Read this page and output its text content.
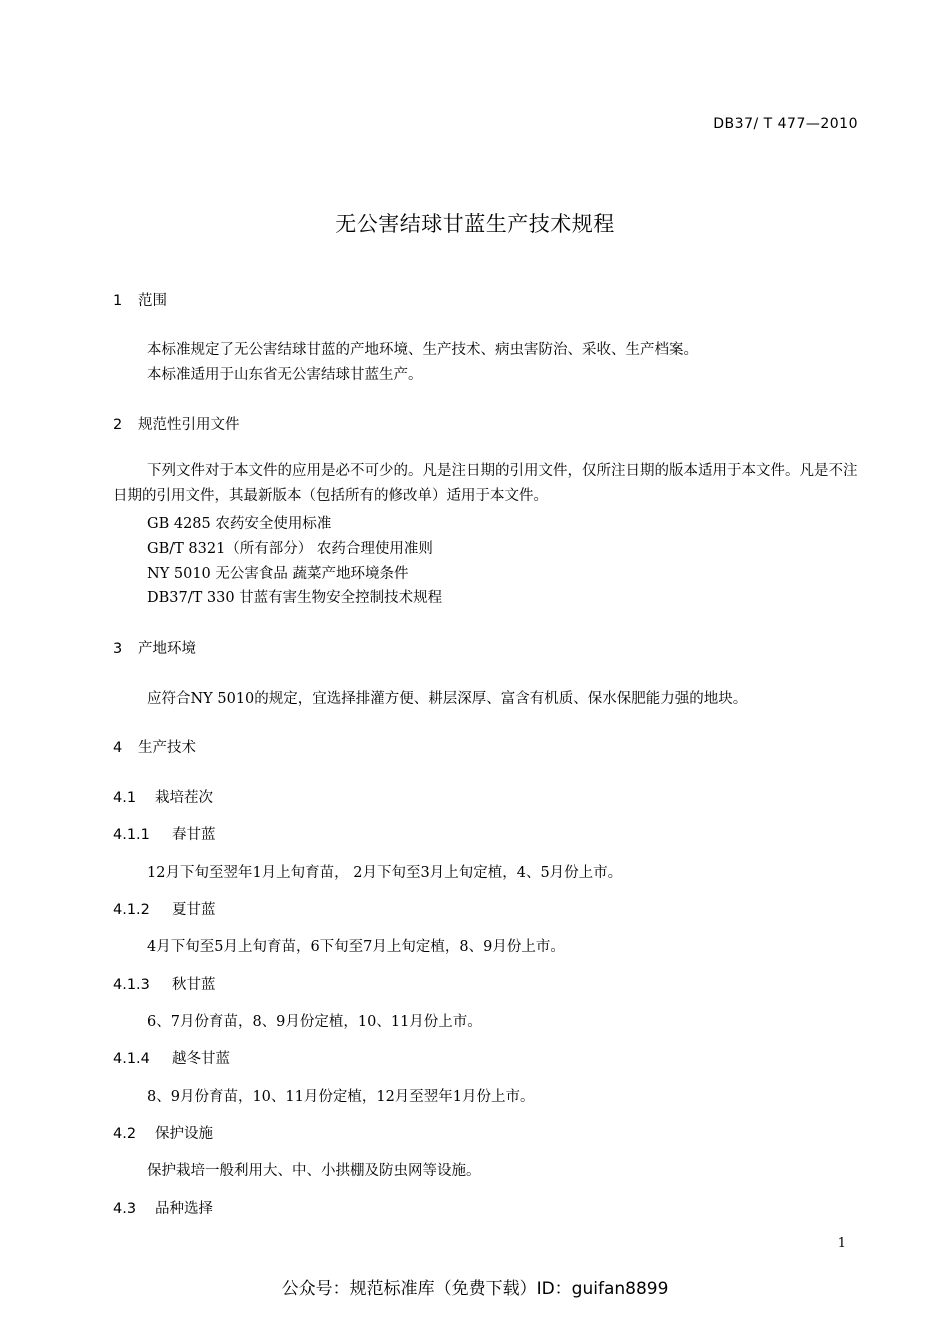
DB37/ T 477—2010
无公害结球甘蓝生产技术规程
1 范围
本标准规定了无公害结球甘蓝的产地环境、生产技术、病虫害防治、采收、生产档案。
本标准适用于山东省无公害结球甘蓝生产。
2 规范性引用文件
下列文件对于本文件的应用是必不可少的。凡是注日期的引用文件，仅所注日期的版本适用于本文件。凡是不注日期的引用文件，其最新版本（包括所有的修改单）适用于本文件。
GB 4285 农药安全使用标准
GB/T 8321（所有部分） 农药合理使用准则
NY 5010 无公害食品 蔬菜产地环境条件
DB37/T 330 甘蓝有害生物安全控制技术规程
3 产地环境
应符合NY 5010的规定，宜选择排灌方便、耕层深厚、富含有机质、保水保肥能力强的地块。
4 生产技术
4.1 栽培茬次
4.1.1 春甘蓝
12月下旬至翌年1月上旬育苗， 2月下旬至3月上旬定植，4、5月份上市。
4.1.2 夏甘蓝
4月下旬至5月上旬育苗，6下旬至7月上旬定植，8、9月份上市。
4.1.3 秋甘蓝
6、7月份育苗，8、9月份定植，10、11月份上市。
4.1.4 越冬甘蓝
8、9月份育苗，10、11月份定植，12月至翌年1月份上市。
4.2 保护设施
保护栽培一般利用大、中、小拱棚及防虫网等设施。
4.3 品种选择
1
公众号：规范标准库（免费下载）ID：guifan8899
